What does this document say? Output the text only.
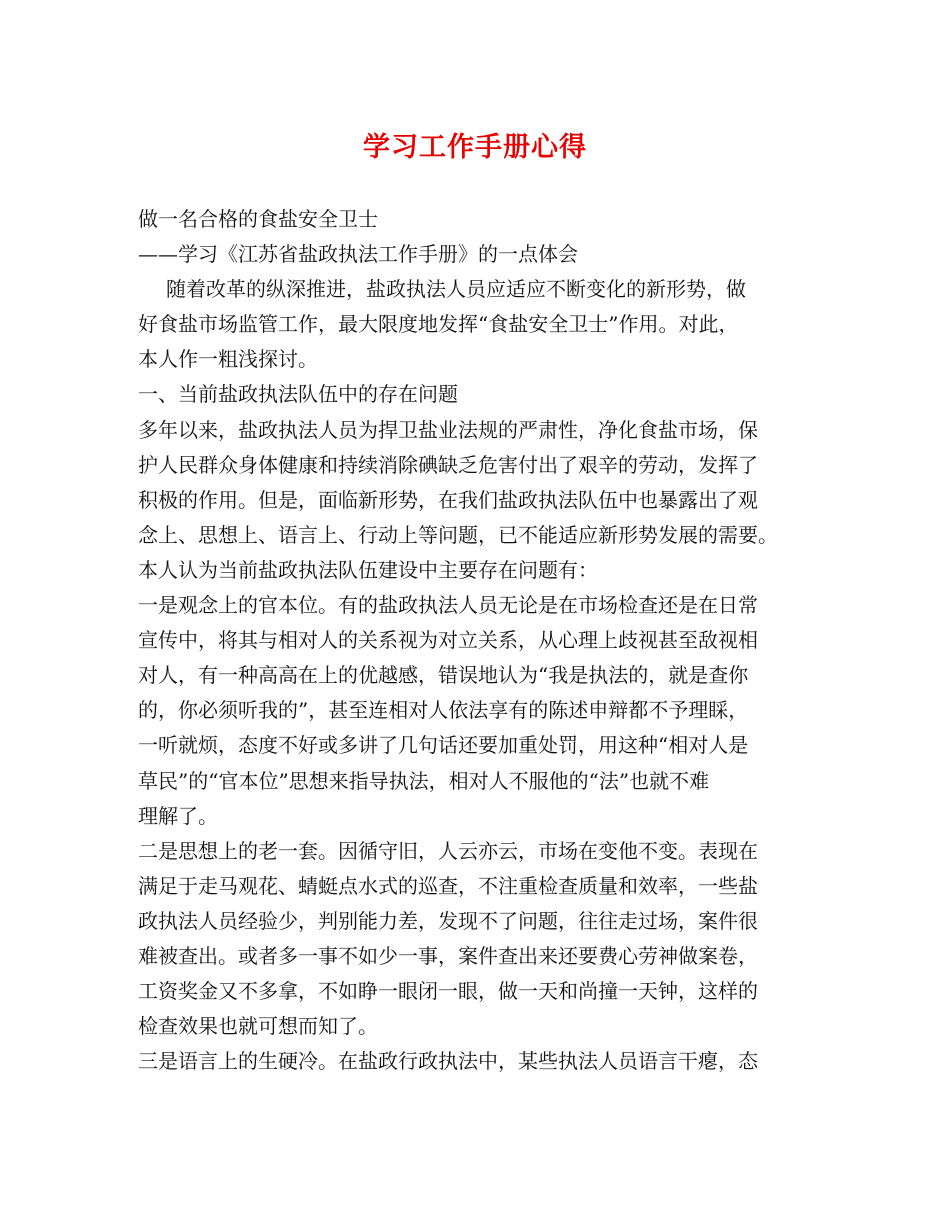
学习工作手册心得
做一名合格的食盐安全卫士
——学习《江苏省盐政执法工作手册》的一点体会
随着改革的纵深推进，盐政执法人员应适应不断变化的新形势，做
好食盐市场监管工作，最大限度地发挥“食盐安全卫士”作用。对此，
本人作一粗浅探讨。
一、当前盐政执法队伍中的存在问题
多年以来，盐政执法人员为捍卫盐业法规的严肃性，净化食盐市场，保
护人民群众身体健康和持续消除碘缺乏危害付出了艰辛的劳动，发挥了
积极的作用。但是，面临新形势，在我们盐政执法队伍中也暴露出了观
念上、思想上、语言上、行动上等问题，已不能适应新形势发展的需要。
本人认为当前盐政执法队伍建设中主要存在问题有：
一是观念上的官本位。有的盐政执法人员无论是在市场检查还是在日常
宣传中，将其与相对人的关系视为对立关系，从心理上歧视甚至敌视相
对人，有一种高高在上的优越感，错误地认为“我是执法的，就是查你
的，你必须听我的”，甚至连相对人依法享有的陈述申辩都不予理睬，
一听就烦，态度不好或多讲了几句话还要加重处罚，用这种“相对人是
草民”的“官本位”思想来指导执法，相对人不服他的“法”也就不难
理解了。
二是思想上的老一套。因循守旧，人云亦云，市场在变他不变。表现在
满足于走马观花、蜻蜓点水式的巡查，不注重检查质量和效率，一些盐
政执法人员经验少，判别能力差，发现不了问题，往往走过场，案件很
难被查出。或者多一事不如少一事，案件查出来还要费心劳神做案卷，
工资奖金又不多拿，不如睁一眼闭一眼，做一天和尚撞一天钟，这样的
检查效果也就可想而知了。
三是语言上的生硬冷。在盐政行政执法中，某些执法人员语言干瘪，态
